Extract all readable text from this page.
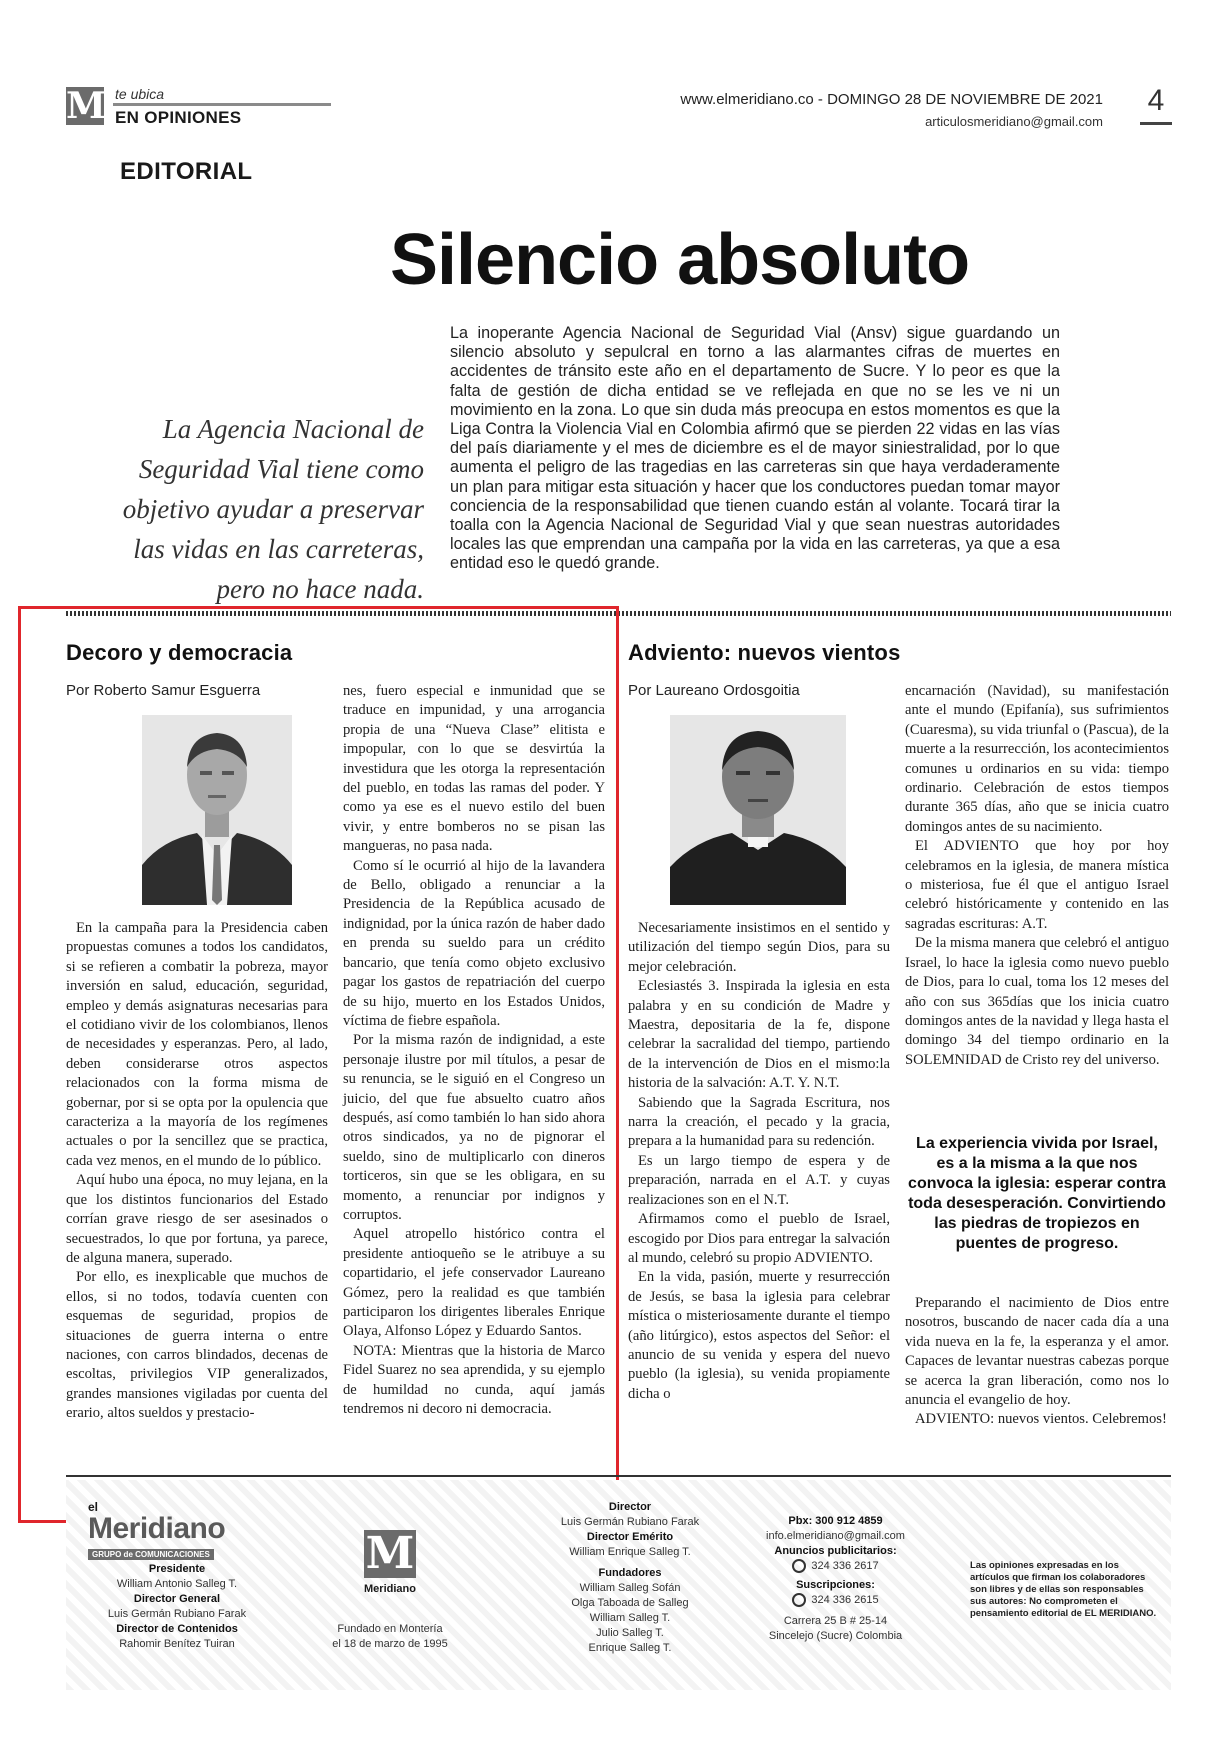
M te ubica
EN OPINIONES
www.elmeridiano.co - DOMINGO 28 DE NOVIEMBRE DE 2021
articulosmeridiano@gmail.com
4
EDITORIAL
Silencio absoluto
La Agencia Nacional de Seguridad Vial tiene como objetivo ayudar a preservar las vidas en las carreteras, pero no hace nada.
La inoperante Agencia Nacional de Seguridad Vial (Ansv) sigue guardando un silencio absoluto y sepulcral en torno a las alarmantes cifras de muertes en accidentes de tránsito este año en el departamento de Sucre. Y lo peor es que la falta de gestión de dicha entidad se ve reflejada en que no se les ve ni un movimiento en la zona. Lo que sin duda más preocupa en estos momentos es que la Liga Contra la Violencia Vial en Colombia afirmó que se pierden 22 vidas en las vías del país diariamente y el mes de diciembre es el de mayor siniestralidad, por lo que aumenta el peligro de las tragedias en las carreteras sin que haya verdaderamente un plan para mitigar esta situación y hacer que los conductores puedan tomar mayor conciencia de la responsabilidad que tienen cuando están al volante. Tocará tirar la toalla con la Agencia Nacional de Seguridad Vial y que sean nuestras autoridades locales las que emprendan una campaña por la vida en las carreteras, ya que a esa entidad eso le quedó grande.
Decoro y democracia
Por Roberto Samur Esguerra

En la campaña para la Presidencia caben propuestas comunes a todos los candidatos, si se refieren a combatir la pobreza, mayor inversión en salud, educación, seguridad, empleo y demás asignaturas necesarias para el cotidiano vivir de los colombianos, llenos de necesidades y esperanzas. Pero, al lado, deben considerarse otros aspectos relacionados con la forma misma de gobernar, por si se opta por la opulencia que caracteriza a la mayoría de los regímenes actuales o por la sencillez que se practica, cada vez menos, en el mundo de lo público.

Aquí hubo una época, no muy lejana, en la que los distintos funcionarios del Estado corrían grave riesgo de ser asesinados o secuestrados, lo que por fortuna, ya parece, de alguna manera, superado.

Por ello, es inexplicable que muchos de ellos, si no todos, todavía cuenten con esquemas de seguridad, propios de situaciones de guerra interna o entre naciones, con carros blindados, decenas de escoltas, privilegios VIP generalizados, grandes mansiones vigiladas por cuenta del erario, altos sueldos y prestacio-

nes, fuero especial e inmunidad que se traduce en impunidad, y una arrogancia propia de una “Nueva Clase” elitista e impopular, con lo que se desvirtúa la investidura que les otorga la representación del pueblo, en todas las ramas del poder. Y como ya ese es el nuevo estilo del buen vivir, y entre bomberos no se pisan las mangueras, no pasa nada.

Como sí le ocurrió al hijo de la lavandera de Bello, obligado a renunciar a la Presidencia de la República acusado de indignidad, por la única razón de haber dado en prenda su sueldo para un crédito bancario, que tenía como objeto exclusivo pagar los gastos de repatriación del cuerpo de su hijo, muerto en los Estados Unidos, víctima de fiebre española.

Por la misma razón de indignidad, a este personaje ilustre por mil títulos, a pesar de su renuncia, se le siguió en el Congreso un juicio, del que fue absuelto cuatro años después, así como también lo han sido ahora otros sindicados, ya no de pignorar el sueldo, sino de multiplicarlo con dineros torticeros, sin que se les obligara, en su momento, a renunciar por indignos y corruptos.

Aquel atropello histórico contra el presidente antioqueño se le atribuye a su copartidario, el jefe conservador Laureano Gómez, pero la realidad es que también participaron los dirigentes liberales Enrique Olaya, Alfonso López y Eduardo Santos.

NOTA: Mientras que la historia de Marco Fidel Suarez no sea aprendida, y su ejemplo de humildad no cunda, aquí jamás tendremos ni decoro ni democracia.

Adviento: nuevos vientos
Por Laureano Ordosgoitia

Necesariamente insistimos en el sentido y utilización del tiempo según Dios, para su mejor celebración.

Eclesiastés 3. Inspirada la iglesia en esta palabra y en su condición de Madre y Maestra, depositaria de la fe, dispone celebrar la sacralidad del tiempo, partiendo de la intervención de Dios en el mismo:la historia de la salvación: A.T. Y. N.T.

Sabiendo que la Sagrada Escritura, nos narra la creación, el pecado y la gracia, prepara a la humanidad para su redención.

Es un largo tiempo de espera y de preparación, narrada en el A.T. y cuyas realizaciones son en el N.T.

Afirmamos como el pueblo de Israel, escogido por Dios para entregar la salvación al mundo, celebró su propio ADVIENTO.

En la vida, pasión, muerte y resurrección de Jesús, se basa la iglesia para celebrar mística o misteriosamente durante el tiempo (año litúrgico), estos aspectos del Señor: el anuncio de su venida y espera del nuevo pueblo (la iglesia), su venida propiamente dicha o

encarnación (Navidad), su manifestación ante el mundo (Epifanía), sus sufrimientos (Cuaresma), su vida triunfal o (Pascua), de la muerte a la resurrección, los acontecimientos comunes u ordinarios en su vida: tiempo ordinario. Celebración de estos tiempos durante 365 días, año que se inicia cuatro domingos antes de su nacimiento.

El ADVIENTO que hoy por hoy celebramos en la iglesia, de manera mística o misteriosa, fue él que el antiguo Israel celebró históricamente y contenido en las sagradas escrituras: A.T.

De la misma manera que celebró el antiguo Israel, lo hace la iglesia como nuevo pueblo de Dios, para lo cual, toma los 12 meses del año con sus 365días que los inicia cuatro domingos antes de la navidad y llega hasta el domingo 34 del tiempo ordinario en la SOLEMNIDAD de Cristo rey del universo.

La experiencia vivida por Israel, es a la misma a la que nos convoca la iglesia: esperar contra toda desesperación. Convirtiendo las piedras de tropiezos en puentes de progreso.

Preparando el nacimiento de Dios entre nosotros, buscando de nacer cada día a una vida nueva en la fe, la esperanza y el amor. Capaces de levantar nuestras cabezas porque se acerca la gran liberación, como nos lo anuncia el evangelio de hoy.

ADVIENTO: nuevos vientos. Celebremos!

el
Meridiano
GRUPO de COMUNICACIONES
Presidente
William Antonio Salleg T.
Director General
Luis Germán Rubiano Farak
Director de Contenidos
Rahomir Benítez Tuiran
M
Meridiano
Fundado en Montería
el 18 de marzo de 1995
Director
Luis Germán Rubiano Farak
Director Emérito
William Enrique Salleg T.
Fundadores
William Salleg Sofán
Olga Taboada de Salleg
William Salleg T.
Julio Salleg T.
Enrique Salleg T.
Pbx: 300 912 4859
info.elmeridiano@gmail.com
Anuncios publicitarios:
324 336 2617
Suscripciones:
324 336 2615
Carrera 25 B # 25-14
Sincelejo (Sucre) Colombia
Las opiniones expresadas en los artículos que firman los colaboradores son libres y de ellas son responsables sus autores: No comprometen el pensamiento editorial de EL MERIDIANO.
